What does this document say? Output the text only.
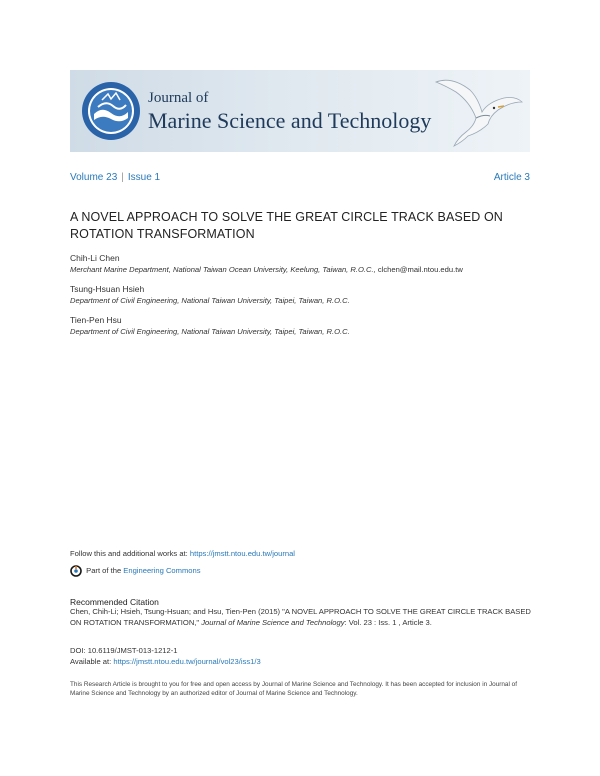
Journal of
Marine Science and Technology
Volume 23 | Issue 1	Article 3
A NOVEL APPROACH TO SOLVE THE GREAT CIRCLE TRACK BASED ON ROTATION TRANSFORMATION
Chih-Li Chen
Merchant Marine Department, National Taiwan Ocean University, Keelung, Taiwan, R.O.C., clchen@mail.ntou.edu.tw
Tsung-Hsuan Hsieh
Department of Civil Engineering, National Taiwan University, Taipei, Taiwan, R.O.C.
Tien-Pen Hsu
Department of Civil Engineering, National Taiwan University, Taipei, Taiwan, R.O.C.
Follow this and additional works at: https://jmstt.ntou.edu.tw/journal
Part of the Engineering Commons
Recommended Citation
Chen, Chih-Li; Hsieh, Tsung-Hsuan; and Hsu, Tien-Pen (2015) "A NOVEL APPROACH TO SOLVE THE GREAT CIRCLE TRACK BASED ON ROTATION TRANSFORMATION," Journal of Marine Science and Technology: Vol. 23 : Iss. 1 , Article 3.
DOI: 10.6119/JMST-013-1212-1
Available at: https://jmstt.ntou.edu.tw/journal/vol23/iss1/3
This Research Article is brought to you for free and open access by Journal of Marine Science and Technology. It has been accepted for inclusion in Journal of Marine Science and Technology by an authorized editor of Journal of Marine Science and Technology.
